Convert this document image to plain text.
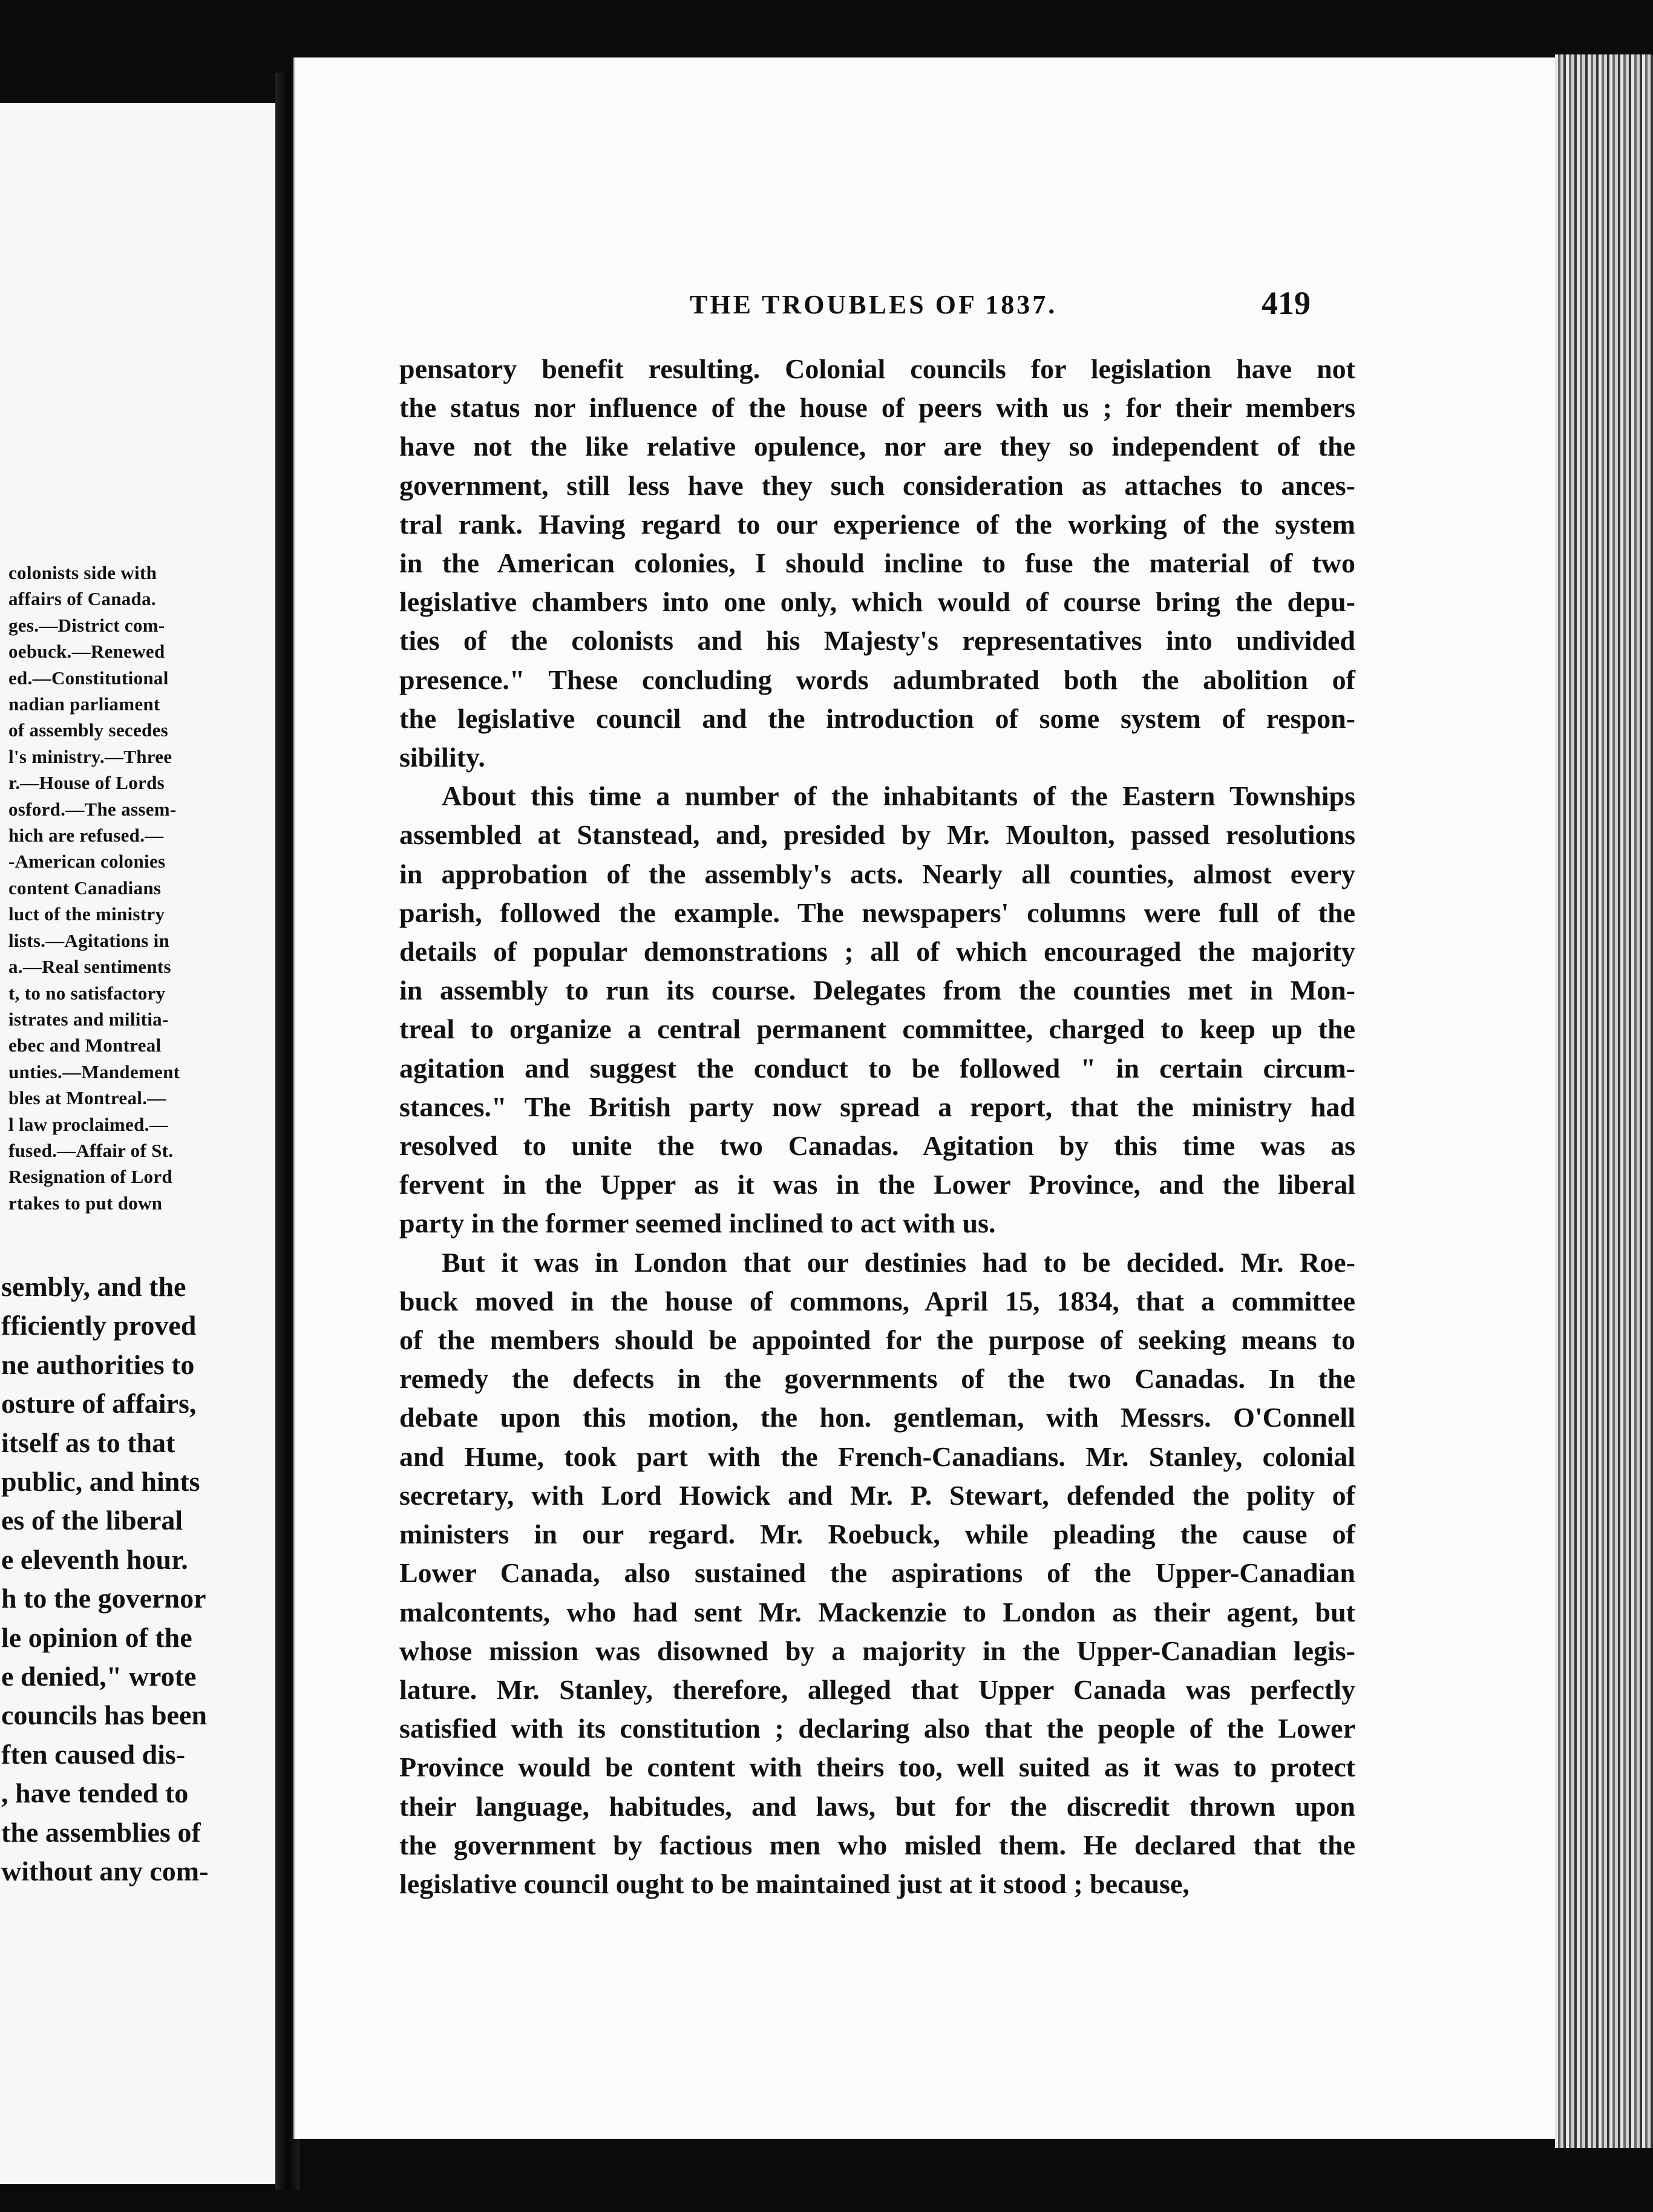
colonists side with
affairs of Canada.
ges.—District com-
oebuck.—Renewed
ed.—Constitutional
nadian parliament
of assembly secedes
l's ministry.—Three
r.—House of Lords
osford.—The assem-
hich are refused.—
-American colonies
content Canadians
luct of the ministry
lists.—Agitations in
a.—Real sentiments
t, to no satisfactory
istrates and militia-
ebec and Montreal
unties.—Mandement
bles at Montreal.—
l law proclaimed.—
fused.—Affair of St.
Resignation of Lord
rtakes to put down
sembly, and the
fficiently proved
ne authorities to
osture of affairs,
itself as to that
public, and hints
es of the liberal
e eleventh hour.
h to the governor
le opinion of the
e denied," wrote
councils has been
ften caused dis-
, have tended to
the assemblies of
without any com-
THE TROUBLES OF 1837.	419
pensatory benefit resulting. Colonial councils for legislation have not
the status nor influence of the house of peers with us ; for their members
have not the like relative opulence, nor are they so independent of the
government, still less have they such consideration as attaches to ances-
tral rank. Having regard to our experience of the working of the system
in the American colonies, I should incline to fuse the material of two
legislative chambers into one only, which would of course bring the depu-
ties of the colonists and his Majesty's representatives into undivided
presence." These concluding words adumbrated both the abolition of
the legislative council and the introduction of some system of respon-
sibility.
About this time a number of the inhabitants of the Eastern Townships
assembled at Stanstead, and, presided by Mr. Moulton, passed resolutions
in approbation of the assembly's acts. Nearly all counties, almost every
parish, followed the example. The newspapers' columns were full of the
details of popular demonstrations ; all of which encouraged the majority
in assembly to run its course. Delegates from the counties met in Mon-
treal to organize a central permanent committee, charged to keep up the
agitation and suggest the conduct to be followed " in certain circum-
stances." The British party now spread a report, that the ministry had
resolved to unite the two Canadas. Agitation by this time was as
fervent in the Upper as it was in the Lower Province, and the liberal
party in the former seemed inclined to act with us.
But it was in London that our destinies had to be decided. Mr. Roe-
buck moved in the house of commons, April 15, 1834, that a committee
of the members should be appointed for the purpose of seeking means to
remedy the defects in the governments of the two Canadas. In the
debate upon this motion, the hon. gentleman, with Messrs. O'Connell
and Hume, took part with the French-Canadians. Mr. Stanley, colonial
secretary, with Lord Howick and Mr. P. Stewart, defended the polity of
ministers in our regard. Mr. Roebuck, while pleading the cause of
Lower Canada, also sustained the aspirations of the Upper-Canadian
malcontents, who had sent Mr. Mackenzie to London as their agent, but
whose mission was disowned by a majority in the Upper-Canadian legis-
lature. Mr. Stanley, therefore, alleged that Upper Canada was perfectly
satisfied with its constitution ; declaring also that the people of the Lower
Province would be content with theirs too, well suited as it was to protect
their language, habitudes, and laws, but for the discredit thrown upon
the government by factious men who misled them. He declared that the
legislative council ought to be maintained just at it stood ; because,
